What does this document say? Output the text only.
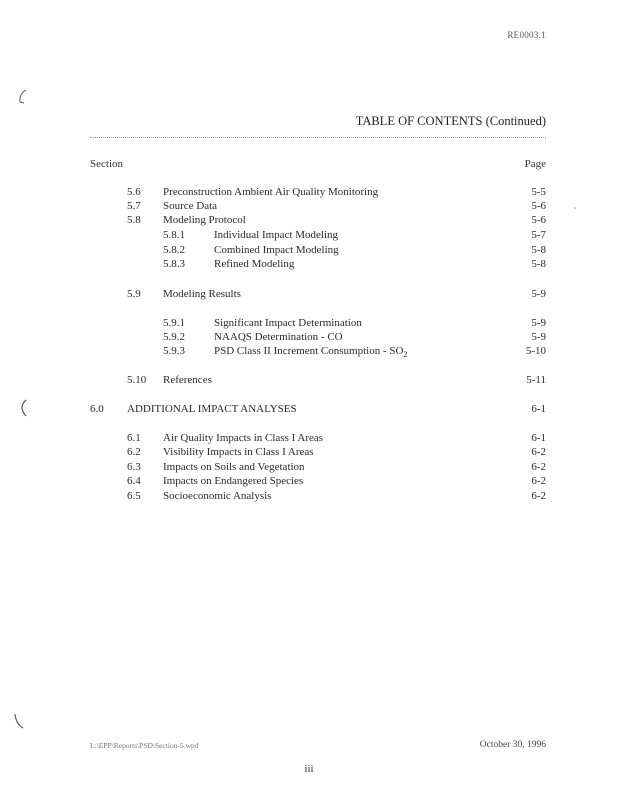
RE0003.1
TABLE OF CONTENTS (Continued)
Section	Page
5.6 Preconstruction Ambient Air Quality Monitoring	5-5
5.7 Source Data	5-6
5.8 Modeling Protocol	5-6
5.8.1	Individual Impact Modeling	5-7
5.8.2	Combined Impact Modeling	5-8
5.8.3	Refined Modeling	5-8
5.9 Modeling Results	5-9
5.9.1	Significant Impact Determination	5-9
5.9.2	NAAQS Determination - CO	5-9
5.9.3	PSD Class II Increment Consumption - $SO_2$	5-10
5.10 References	5-11
6.0 ADDITIONAL IMPACT ANALYSES	6-1
6.1 Air Quality Impacts in Class I Areas	6-1
6.2 Visibility Impacts in Class I Areas	6-2
6.3 Impacts on Soils and Vegetation	6-2
6.4 Impacts on Endangered Species	6-2
6.5 Socioeconomic Analysis	6-2
L:\EPP\Reports\PSD\Section-5.wpd	October 30, 1996
iii
